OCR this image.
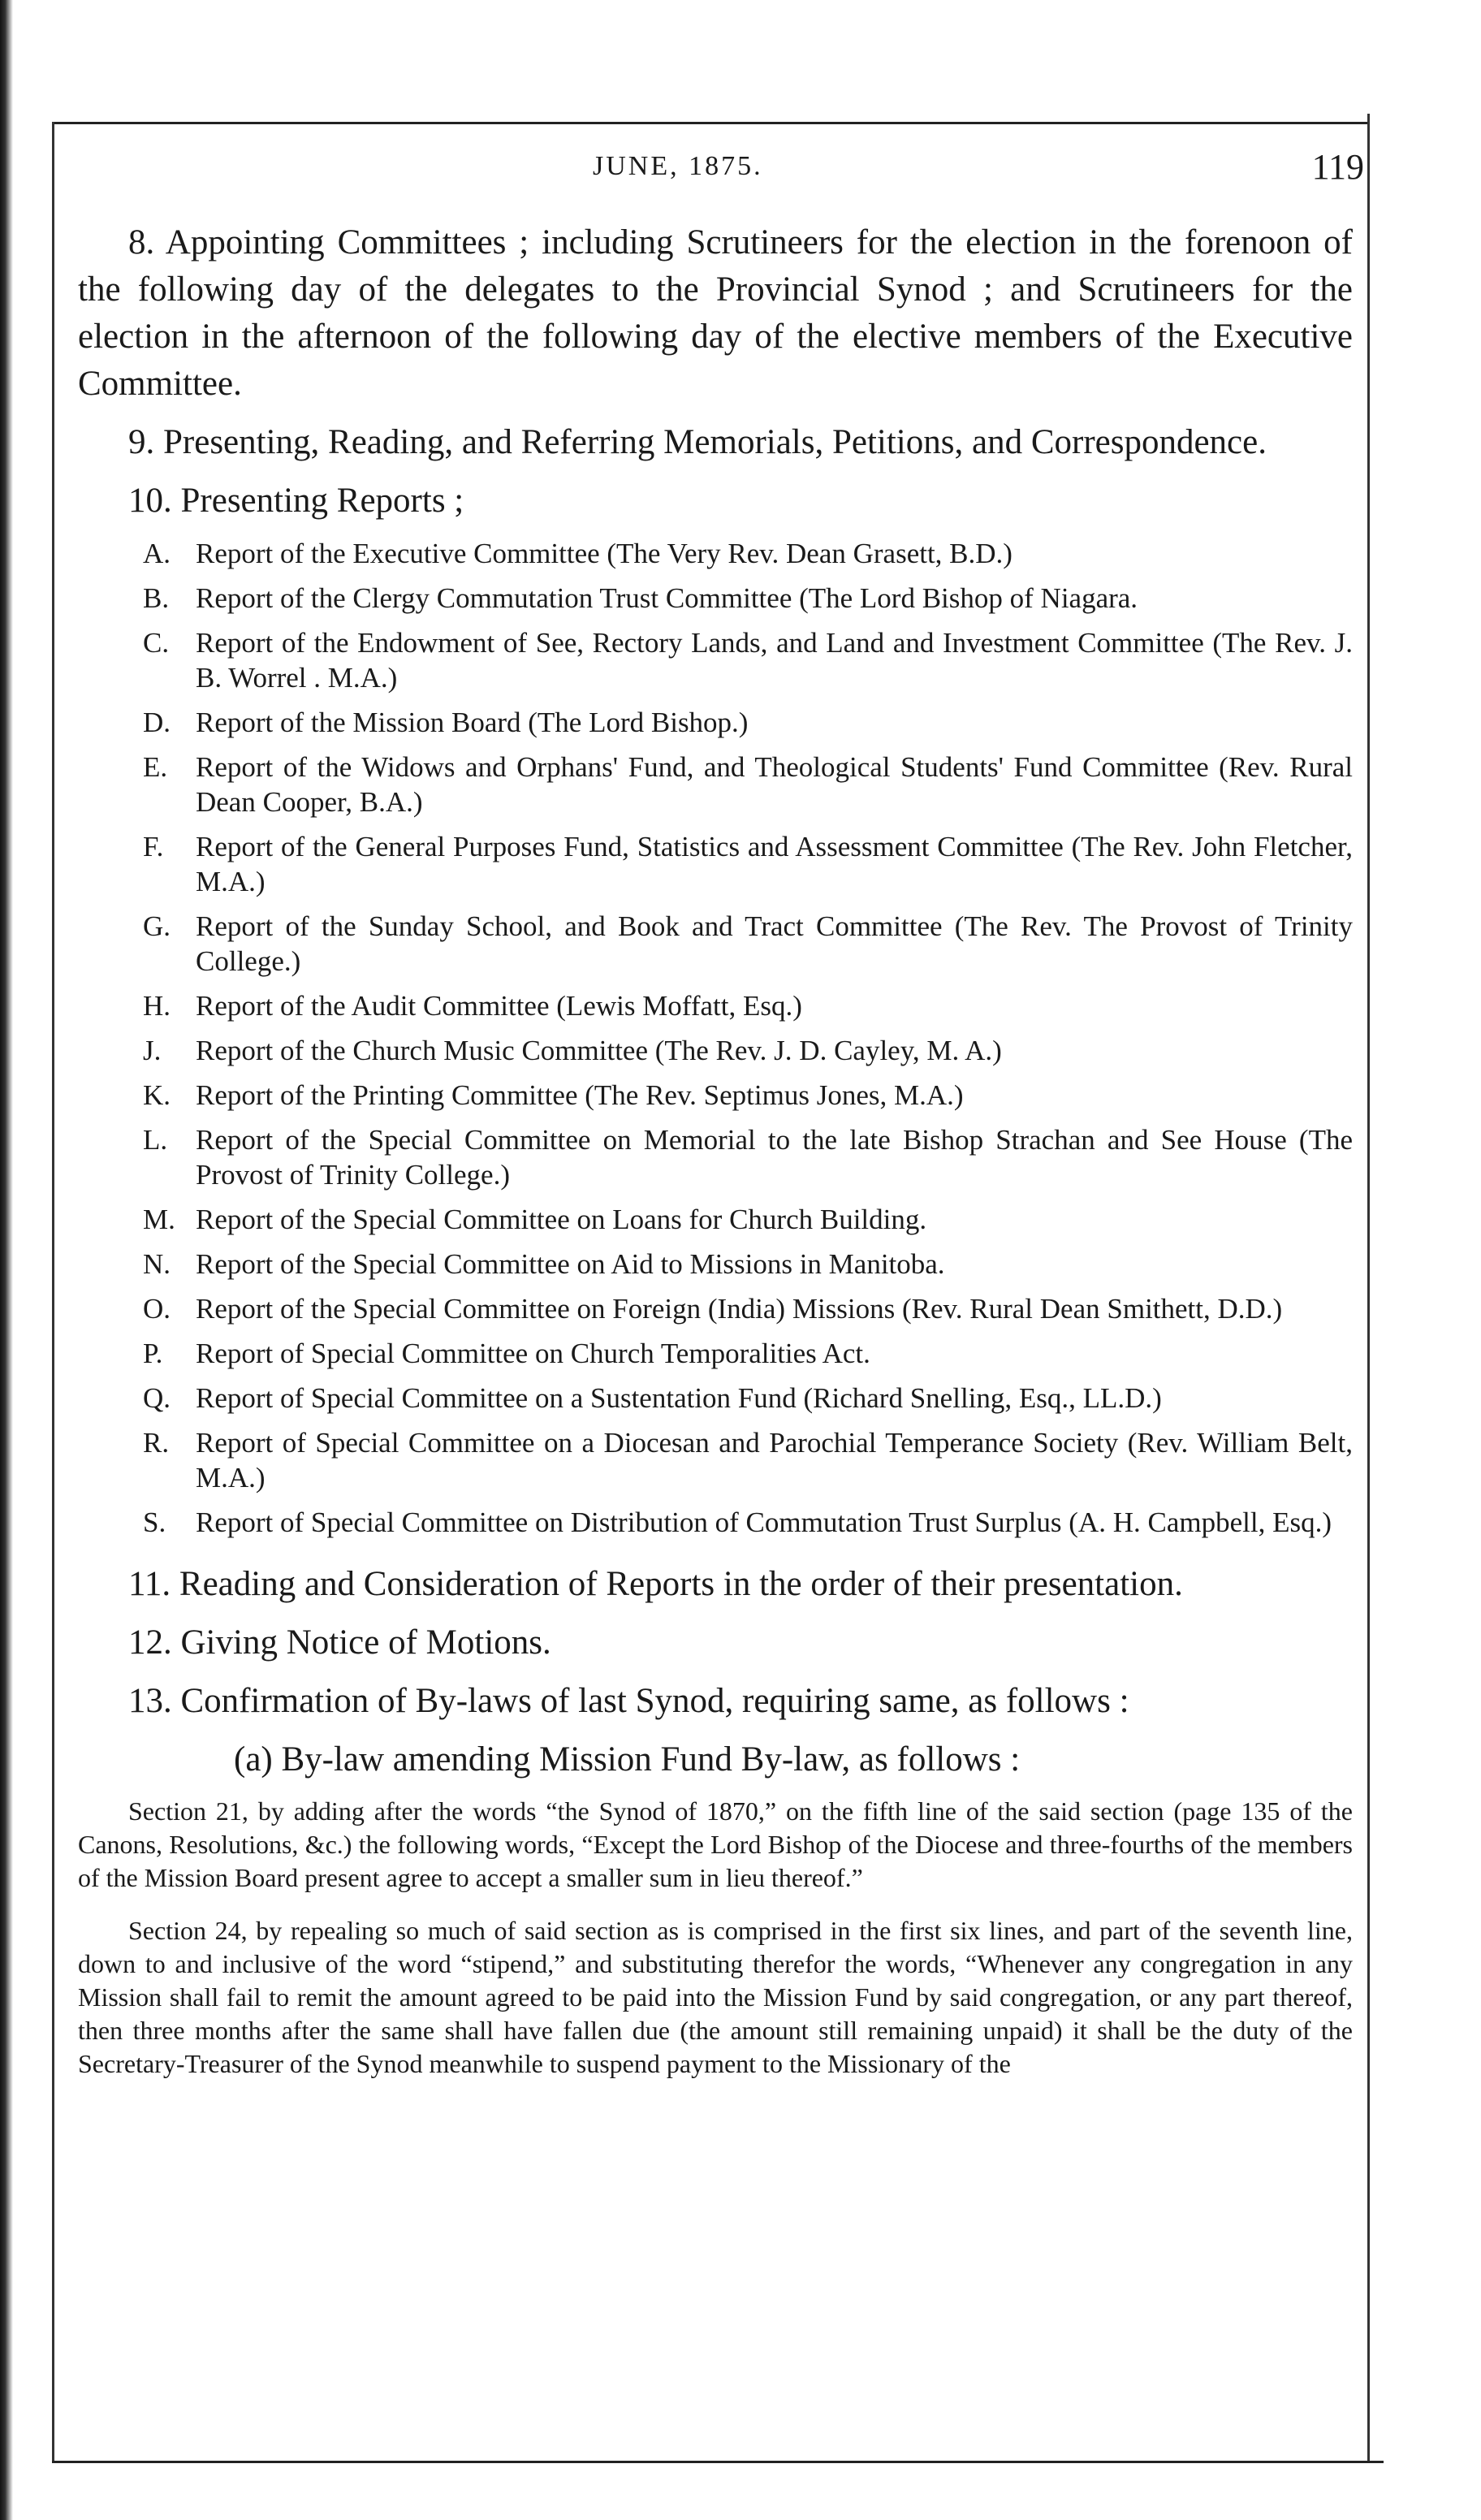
JUNE, 1875.	119

8. Appointing Committees ; including Scrutineers for the election in the forenoon of the following day of the delegates to the Provincial Synod ; and Scrutineers for the election in the afternoon of the following day of the elective members of the Executive Committee.

9. Presenting, Reading, and Referring Memorials, Petitions, and Correspondence.

10. Presenting Reports ;

A. Report of the Executive Committee (The Very Rev. Dean Grasett, B.D.)
B. Report of the Clergy Commutation Trust Committee (The Lord Bishop of Niagara.
C. Report of the Endowment of See, Rectory Lands, and Land and Investment Committee (The Rev. J. B. Worrel . M.A.)
D. Report of the Mission Board (The Lord Bishop.)
E. Report of the Widows and Orphans' Fund, and Theological Students' Fund Committee (Rev. Rural Dean Cooper, B.A.)
F. Report of the General Purposes Fund, Statistics and Assessment Committee (The Rev. John Fletcher, M.A.)
G. Report of the Sunday School, and Book and Tract Committee (The Rev. The Provost of Trinity College.)
H. Report of the Audit Committee (Lewis Moffatt, Esq.)
J. Report of the Church Music Committee (The Rev. J. D. Cayley, M. A.)
K. Report of the Printing Committee (The Rev. Septimus Jones, M.A.)
L. Report of the Special Committee on Memorial to the late Bishop Strachan and See House (The Provost of Trinity College.)
M. Report of the Special Committee on Loans for Church Building.
N. Report of the Special Committee on Aid to Missions in Manitoba.
O. Report of the Special Committee on Foreign (India) Missions (Rev. Rural Dean Smithett, D.D.)
P. Report of Special Committee on Church Temporalities Act.
Q. Report of Special Committee on a Sustentation Fund (Richard Snelling, Esq., LL.D.)
R. Report of Special Committee on a Diocesan and Parochial Temperance Society (Rev. William Belt, M.A.)
S. Report of Special Committee on Distribution of Commutation Trust Surplus (A. H. Campbell, Esq.)

11. Reading and Consideration of Reports in the order of their presentation.

12. Giving Notice of Motions.

13. Confirmation of By-laws of last Synod, requiring same, as follows :

(a) By-law amending Mission Fund By-law, as follows :

Section 21, by adding after the words “the Synod of 1870,” on the fifth line of the said section (page 135 of the Canons, Resolutions, &c.) the following words, “Except the Lord Bishop of the Diocese and three-fourths of the members of the Mission Board present agree to accept a smaller sum in lieu thereof.”

Section 24, by repealing so much of said section as is comprised in the first six lines, and part of the seventh line, down to and inclusive of the word “stipend,” and substituting therefor the words, “Whenever any congregation in any Mission shall fail to remit the amount agreed to be paid into the Mission Fund by said congregation, or any part thereof, then three months after the same shall have fallen due (the amount still remaining unpaid) it shall be the duty of the Secretary-Treasurer of the Synod meanwhile to suspend payment to the Missionary of the
